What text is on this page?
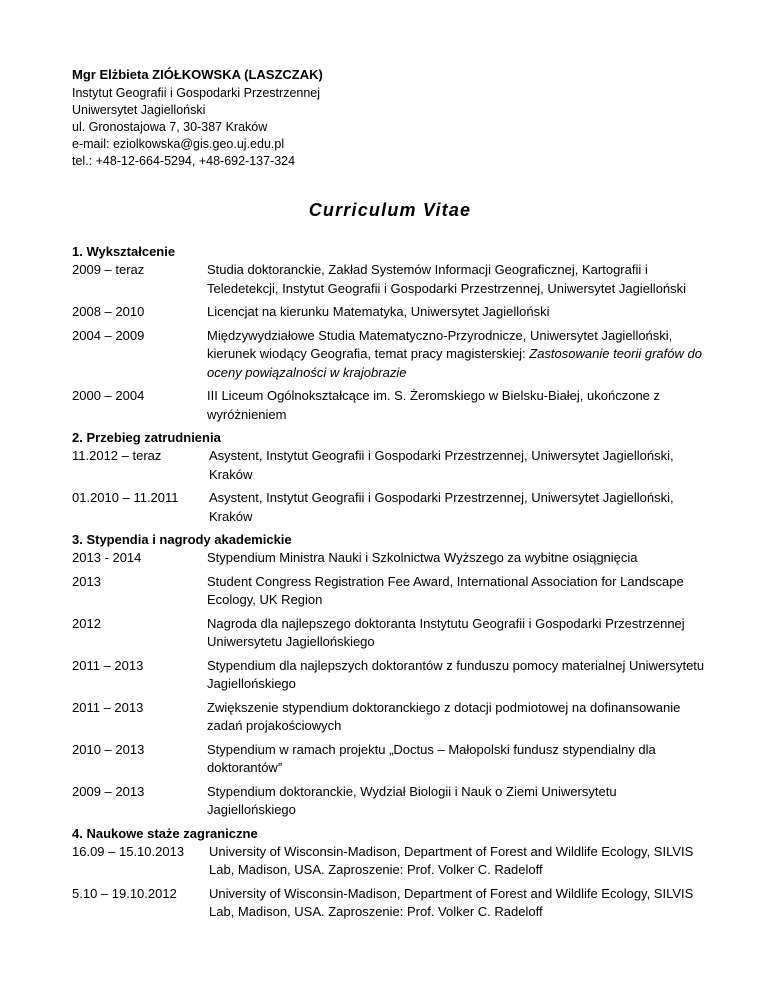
Mgr Elżbieta ZIÓŁKOWSKA (LASZCZAK)
Instytut Geografii i Gospodarki Przestrzennej
Uniwersytet Jagielloński
ul. Gronostajowa 7, 30-387 Kraków
e-mail: eziolkowska@gis.geo.uj.edu.pl
tel.: +48-12-664-5294, +48-692-137-324
Curriculum Vitae
1. Wykształcenie
2009 – teraz	Studia doktoranckie, Zakład Systemów Informacji Geograficznej, Kartografii i Teledetekcji, Instytut Geografii i Gospodarki Przestrzennej, Uniwersytet Jagielloński
2008 – 2010	Licencjat na kierunku Matematyka, Uniwersytet Jagielloński
2004 – 2009	Międzywydziałowe Studia Matematyczno-Przyrodnicze, Uniwersytet Jagielloński, kierunek wiodący Geografia, temat pracy magisterskiej: Zastosowanie teorii grafów do oceny powiązalności w krajobrazie
2000 – 2004	III Liceum Ogólnokształcące im. S. Żeromskiego w Bielsku-Białej, ukończone z wyróżnieniem
2. Przebieg zatrudnienia
11.2012 – teraz	Asystent, Instytut Geografii i Gospodarki Przestrzennej, Uniwersytet Jagielloński, Kraków
01.2010 – 11.2011	Asystent, Instytut Geografii i Gospodarki Przestrzennej, Uniwersytet Jagielloński, Kraków
3. Stypendia i nagrody akademickie
2013 - 2014	Stypendium Ministra Nauki i Szkolnictwa Wyższego za wybitne osiągnięcia
2013	Student Congress Registration Fee Award, International Association for Landscape Ecology, UK Region
2012	Nagroda dla najlepszego doktoranta Instytutu Geografii i Gospodarki Przestrzennej Uniwersytetu Jagiellońskiego
2011 – 2013	Stypendium dla najlepszych doktorantów z funduszu pomocy materialnej Uniwersytetu Jagiellońskiego
2011 – 2013	Zwiększenie stypendium doktoranckiego z dotacji podmiotowej na dofinansowanie zadań projakościowych
2010 – 2013	Stypendium w ramach projektu „Doctus – Małopolski fundusz stypendialny dla doktorantów”
2009 – 2013	Stypendium doktoranckie, Wydział Biologii i Nauk o Ziemi Uniwersytetu Jagiellońskiego
4. Naukowe staże zagraniczne
16.09 – 15.10.2013	University of Wisconsin-Madison, Department of Forest and Wildlife Ecology, SILVIS Lab, Madison, USA. Zaproszenie: Prof. Volker C. Radeloff
5.10 – 19.10.2012	University of Wisconsin-Madison, Department of Forest and Wildlife Ecology, SILVIS Lab, Madison, USA. Zaproszenie: Prof. Volker C. Radeloff
